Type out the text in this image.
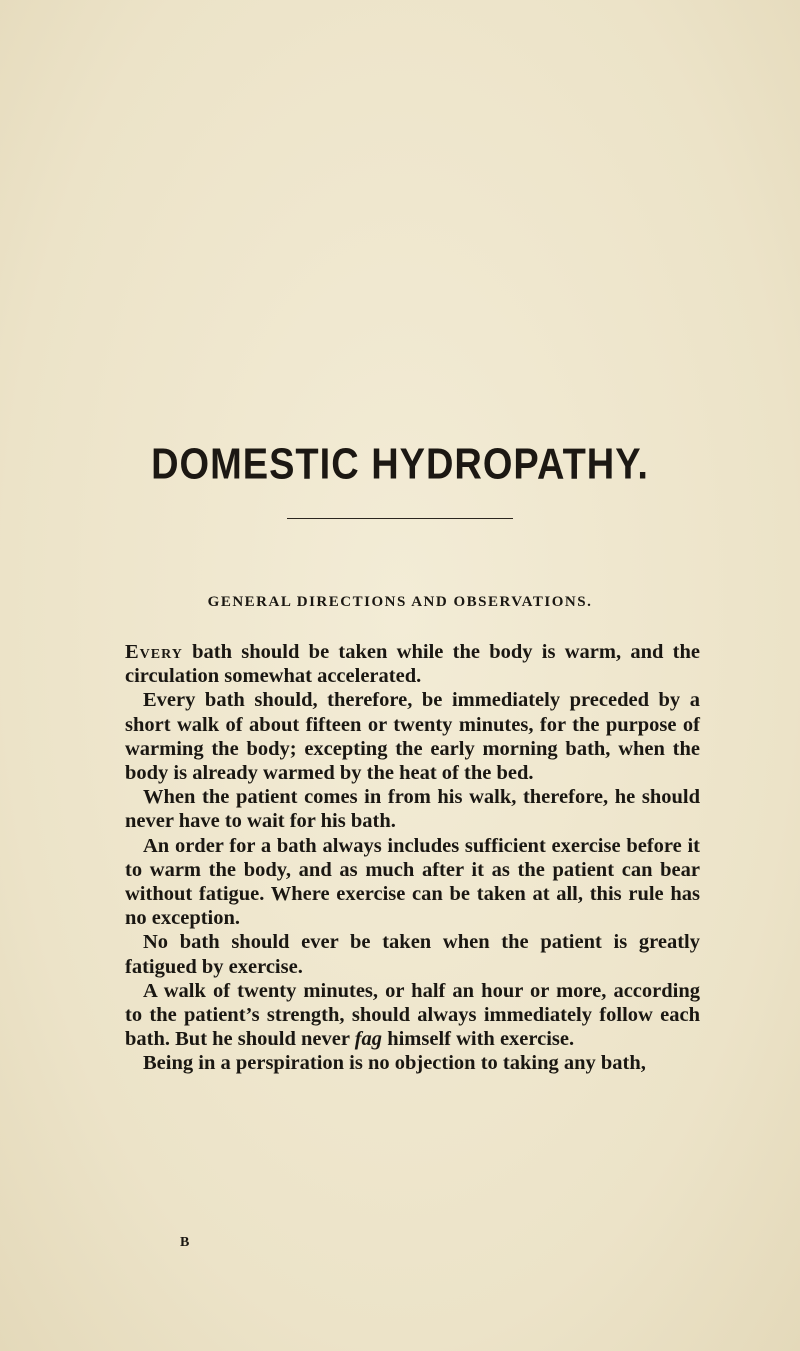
DOMESTIC HYDROPATHY.
GENERAL DIRECTIONS AND OBSERVATIONS.

Every bath should be taken while the body is warm, and the circulation somewhat accelerated.

Every bath should, therefore, be immediately preceded by a short walk of about fifteen or twenty minutes, for the purpose of warming the body; excepting the early morning bath, when the body is already warmed by the heat of the bed.

When the patient comes in from his walk, therefore, he should never have to wait for his bath.

An order for a bath always includes sufficient exercise before it to warm the body, and as much after it as the patient can bear without fatigue. Where exercise can be taken at all, this rule has no exception.

No bath should ever be taken when the patient is greatly fatigued by exercise.

A walk of twenty minutes, or half an hour or more, according to the patient’s strength, should always immediately follow each bath. But he should never fag himself with exercise.

Being in a perspiration is no objection to taking any bath,

B
